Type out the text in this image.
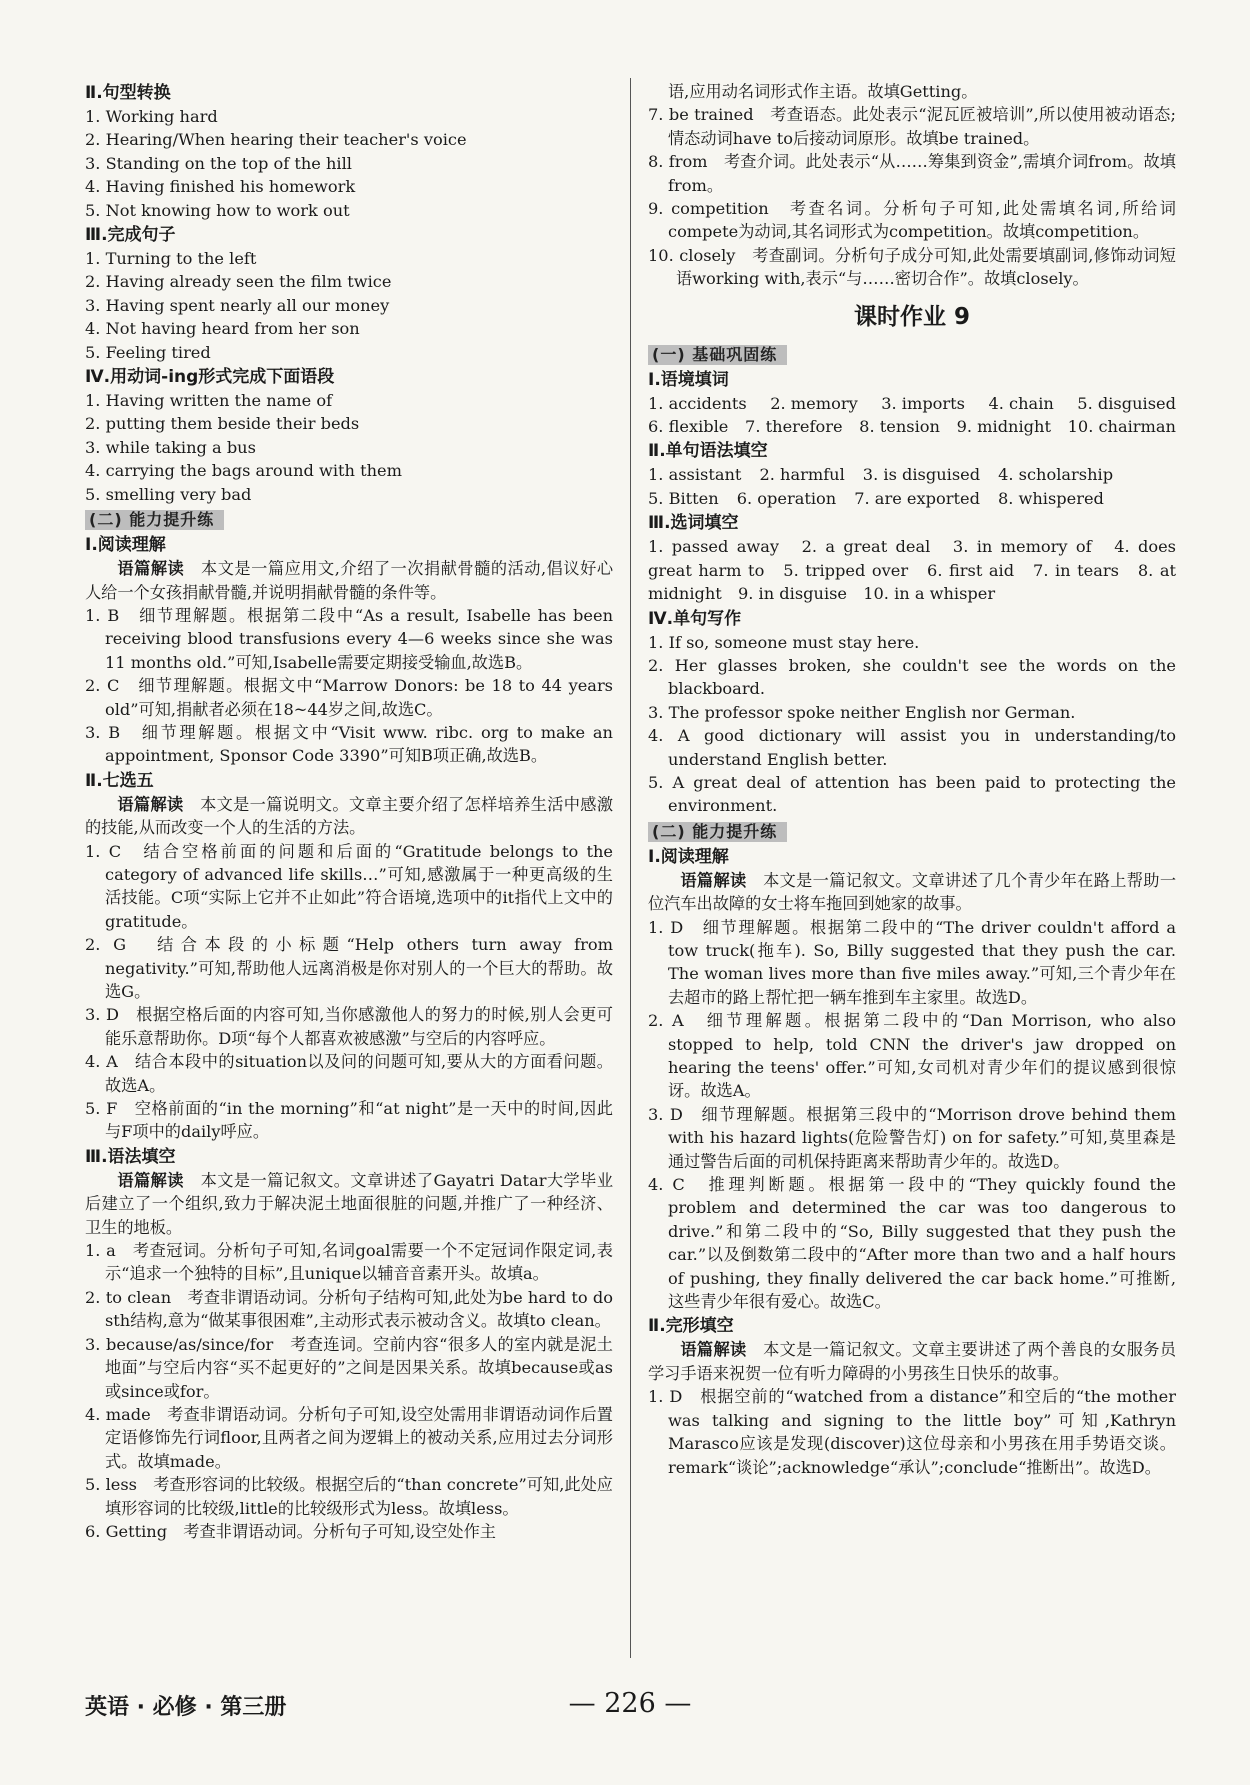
Ⅱ.句型转换
1. Working hard
2. Hearing/When hearing their teacher's voice
3. Standing on the top of the hill
4. Having finished his homework
5. Not knowing how to work out
Ⅲ.完成句子
1. Turning to the left
2. Having already seen the film twice
3. Having spent nearly all our money
4. Not having heard from her son
5. Feeling tired
Ⅳ.用动词-ing形式完成下面语段
1. Having written the name of
2. putting them beside their beds
3. while taking a bus
4. carrying the bags around with them
5. smelling very bad
(二) 能力提升练
Ⅰ.阅读理解
语篇解读　 本文是一篇应用文,介绍了一次捐献骨髓的活动,倡议好心人给一个女孩捐献骨髓,并说明捐献骨髓的条件等。
1. B　细节理解题。根据第二段中“As a result, Isabelle has been receiving blood transfusions every 4—6 weeks since she was 11 months old.”可知,Isabelle需要定期接受输血,故选B。
2. C　细节理解题。根据文中“Marrow Donors: be 18 to 44 years old”可知,捐献者必须在18~44岁之间,故选C。
3. B　细节理解题。根据文中“Visit www. ribc. org to make an appointment, Sponsor Code 3390”可知B项正确,故选B。
Ⅱ.七选五
语篇解读　 本文是一篇说明文。文章主要介绍了怎样培养生活中感激的技能,从而改变一个人的生活的方法。
1. C　结合空格前面的问题和后面的“Gratitude belongs to the category of advanced life skills…”可知,感激属于一种更高级的生活技能。C项“实际上它并不止如此”符合语境,选项中的it指代上文中的gratitude。
2. G　结合本段的小标题“Help others turn away from negativity.”可知,帮助他人远离消极是你对别人的一个巨大的帮助。故选G。
3. D　根据空格后面的内容可知,当你感激他人的努力的时候,别人会更可能乐意帮助你。D项“每个人都喜欢被感激”与空后的内容呼应。
4. A　结合本段中的situation以及问的问题可知,要从大的方面看问题。故选A。
5. F　空格前面的“in the morning”和“at night”是一天中的时间,因此与F项中的daily呼应。
Ⅲ.语法填空
语篇解读　 本文是一篇记叙文。文章讲述了Gayatri Datar大学毕业后建立了一个组织,致力于解决泥土地面很脏的问题,并推广了一种经济、卫生的地板。
1. a　考查冠词。分析句子可知,名词goal需要一个不定冠词作限定词,表示“追求一个独特的目标”,且unique以辅音音素开头。故填a。
2. to clean　考查非谓语动词。分析句子结构可知,此处为be hard to do sth结构,意为“做某事很困难”,主动形式表示被动含义。故填to clean。
3. because/as/since/for　考查连词。空前内容“很多人的室内就是泥土地面”与空后内容“买不起更好的”之间是因果关系。故填because或as或since或for。
4. made　考查非谓语动词。分析句子可知,设空处需用非谓语动词作后置定语修饰先行词floor,且两者之间为逻辑上的被动关系,应用过去分词形式。故填made。
5. less　考查形容词的比较级。根据空后的“than concrete”可知,此处应填形容词的比较级,little的比较级形式为less。故填less。
6. Getting　考查非谓语动词。分析句子可知,设空处作主
语,应用动名词形式作主语。故填Getting。
7. be trained　考查语态。此处表示“泥瓦匠被培训”,所以使用被动语态;情态动词have to后接动词原形。故填be trained。
8. from　考查介词。此处表示“从……筹集到资金”,需填介词from。故填from。
9. competition　考查名词。分析句子可知,此处需填名词,所给词compete为动词,其名词形式为competition。故填competition。
10. closely　考查副词。分析句子成分可知,此处需要填副词,修饰动词短语working with,表示“与……密切合作”。故填closely。
课时作业 9
(一) 基础巩固练
Ⅰ.语境填词
1. accidents 2. memory 3. imports 4. chain 5. disguised
6. flexible 7. therefore 8. tension 9. midnight 10. chairman
Ⅱ.单句语法填空
1. assistant 2. harmful 3. is disguised 4. scholarship
5. Bitten 6. operation 7. are exported 8. whispered
Ⅲ.选词填空
1. passed away　2. a great deal　3. in memory of　4. does great harm to　5. tripped over　6. first aid　7. in tears　8. at midnight　9. in disguise　10. in a whisper
Ⅳ.单句写作
1. If so, someone must stay here.
2. Her glasses broken, she couldn't see the words on the blackboard.
3. The professor spoke neither English nor German.
4. A good dictionary will assist you in understanding/to understand English better.
5. A great deal of attention has been paid to protecting the environment.
(二) 能力提升练
Ⅰ.阅读理解
语篇解读　 本文是一篇记叙文。文章讲述了几个青少年在路上帮助一位汽车出故障的女士将车拖回到她家的故事。
1. D　细节理解题。根据第二段中的“The driver couldn't afford a tow truck(拖车). So, Billy suggested that they push the car. The woman lives more than five miles away.”可知,三个青少年在去超市的路上帮忙把一辆车推到车主家里。故选D。
2. A　细节理解题。根据第二段中的“Dan Morrison, who also stopped to help, told CNN the driver's jaw dropped on hearing the teens' offer.”可知,女司机对青少年们的提议感到很惊讶。故选A。
3. D　细节理解题。根据第三段中的“Morrison drove behind them with his hazard lights(危险警告灯) on for safety.”可知,莫里森是通过警告后面的司机保持距离来帮助青少年的。故选D。
4. C　推理判断题。根据第一段中的“They quickly found the problem and determined the car was too dangerous to drive.”和第二段中的“So, Billy suggested that they push the car.”以及倒数第二段中的“After more than two and a half hours of pushing, they finally delivered the car back home.”可推断,这些青少年很有爱心。故选C。
Ⅱ.完形填空
语篇解读　 本文是一篇记叙文。文章主要讲述了两个善良的女服务员学习手语来祝贺一位有听力障碍的小男孩生日快乐的故事。
1. D　根据空前的“watched from a distance”和空后的“the mother was talking and signing to the little boy”可知,Kathryn Marasco应该是发现(discover)这位母亲和小男孩在用手势语交谈。remark“谈论”;acknowledge“承认”;conclude“推断出”。故选D。
英语 · 必修 · 第三册	— 226 —
